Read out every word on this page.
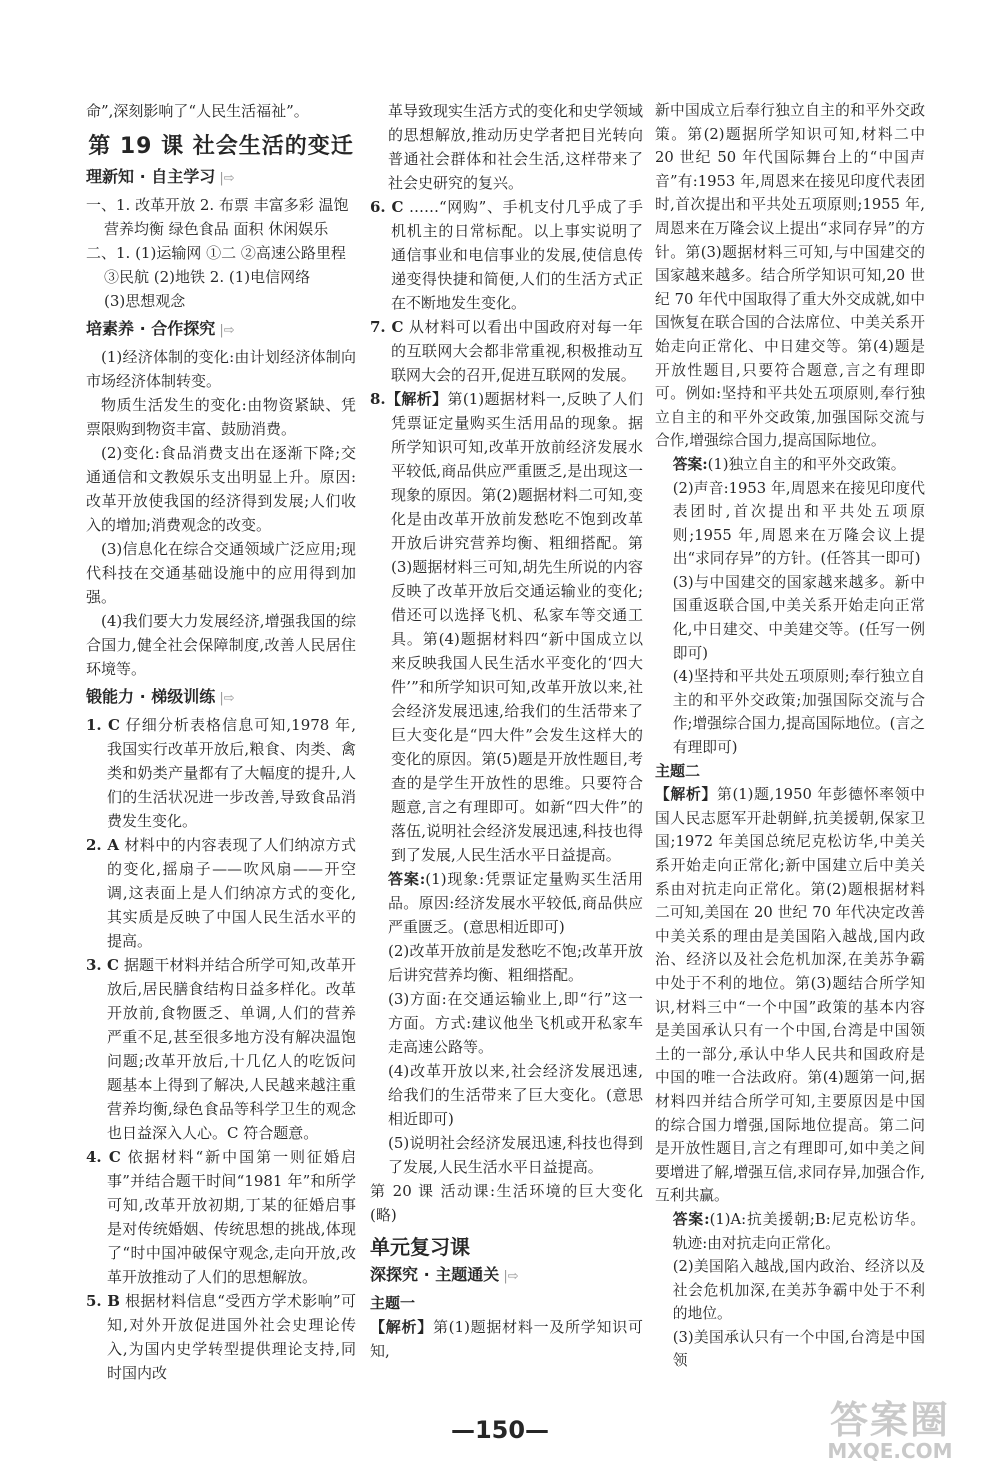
命”,深刻影响了“人民生活福祉”。

第 19 课 社会生活的变迁

理新知 · 自主学习 |⇨

一、1. 改革开放 2. 布票 丰富多彩 温饱

营养均衡 绿色食品 面积 休闲娱乐

二、1. (1)运输网 ①二 ②高速公路里程

③民航 (2)地铁 2. (1)电信网络

(3)思想观念

培素养 · 合作探究 |⇨

(1)经济体制的变化:由计划经济体制向市场经济体制转变。

物质生活发生的变化:由物资紧缺、凭票限购到物资丰富、鼓励消费。

(2)变化:食品消费支出在逐渐下降;交通通信和文教娱乐支出明显上升。原因:改革开放使我国的经济得到发展;人们收入的增加;消费观念的改变。

(3)信息化在综合交通领域广泛应用;现代科技在交通基础设施中的应用得到加强。

(4)我们要大力发展经济,增强我国的综合国力,健全社会保障制度,改善人民居住环境等。

锻能力 · 梯级训练 |⇨

1. C 仔细分析表格信息可知,1978 年,我国实行改革开放后,粮食、肉类、禽类和奶类产量都有了大幅度的提升,人们的生活状况进一步改善,导致食品消费发生变化。

2. A 材料中的内容表现了人们纳凉方式的变化,摇扇子——吹风扇——开空调,这表面上是人们纳凉方式的变化,其实质是反映了中国人民生活水平的提高。

3. C 据题干材料并结合所学可知,改革开放后,居民膳食结构日益多样化。改革开放前,食物匮乏、单调,人们的营养严重不足,甚至很多地方没有解决温饱问题;改革开放后,十几亿人的吃饭问题基本上得到了解决,人民越来越注重营养均衡,绿色食品等科学卫生的观念也日益深入人心。C 符合题意。

4. C 依据材料“新中国第一则征婚启事”并结合题干时间“1981 年”和所学可知,改革开放初期,丁某的征婚启事是对传统婚姻、传统思想的挑战,体现了“时中国冲破保守观念,走向开放,改革开放推动了人们的思想解放。

5. B 根据材料信息“受西方学术影响”可知,对外开放促进国外社会史理论传入,为国内史学转型提供理论支持,同时国内改

革导致现实生活方式的变化和史学领域的思想解放,推动历史学者把目光转向普通社会群体和社会生活,这样带来了社会史研究的复兴。

6. C ……“网购”、手机支付几乎成了手机机主的日常标配。以上事实说明了通信事业和电信事业的发展,使信息传递变得快捷和简便,人们的生活方式正在不断地发生变化。

7. C 从材料可以看出中国政府对每一年的互联网大会都非常重视,积极推动互联网大会的召开,促进互联网的发展。

8.【解析】第(1)题据材料一,反映了人们凭票证定量购买生活用品的现象。据所学知识可知,改革开放前经济发展水平较低,商品供应严重匮乏,是出现这一现象的原因。第(2)题据材料二可知,变化是由改革开放前发愁吃不饱到改革开放后讲究营养均衡、粗细搭配。第(3)题据材料三可知,胡先生所说的内容反映了改革开放后交通运输业的变化;借还可以选择飞机、私家车等交通工具。第(4)题据材料四“新中国成立以来反映我国人民生活水平变化的‘四大件’”和所学知识可知,改革开放以来,社会经济发展迅速,给我们的生活带来了巨大变化是“四大件”会发生这样大的变化的原因。第(5)题是开放性题目,考查的是学生开放性的思维。只要符合题意,言之有理即可。如新“四大件”的落伍,说明社会经济发展迅速,科技也得到了发展,人民生活水平日益提高。

答案:(1)现象:凭票证定量购买生活用品。原因:经济发展水平较低,商品供应严重匮乏。(意思相近即可)

(2)改革开放前是发愁吃不饱;改革开放后讲究营养均衡、粗细搭配。

(3)方面:在交通运输业上,即“行”这一方面。方式:建议他坐飞机或开私家车走高速公路等。

(4)改革开放以来,社会经济发展迅速,给我们的生活带来了巨大变化。(意思相近即可)

(5)说明社会经济发展迅速,科技也得到了发展,人民生活水平日益提高。

第 20 课 活动课:生活环境的巨大变化(略)

单元复习课

深探究 · 主题通关 |⇨

主题一

【解析】第(1)题据材料一及所学知识可知,

新中国成立后奉行独立自主的和平外交政策。第(2)题据所学知识可知,材料二中 20 世纪 50 年代国际舞台上的“中国声音”有:1953 年,周恩来在接见印度代表团时,首次提出和平共处五项原则;1955 年,周恩来在万隆会议上提出“求同存异”的方针。第(3)题据材料三可知,与中国建交的国家越来越多。结合所学知识可知,20 世纪 70 年代中国取得了重大外交成就,如中国恢复在联合国的合法席位、中美关系开始走向正常化、中日建交等。第(4)题是开放性题目,只要符合题意,言之有理即可。例如:坚持和平共处五项原则,奉行独立自主的和平外交政策,加强国际交流与合作,增强综合国力,提高国际地位。

答案:(1)独立自主的和平外交政策。

(2)声音:1953 年,周恩来在接见印度代表团时,首次提出和平共处五项原则;1955 年,周恩来在万隆会议上提出“求同存异”的方针。(任答其一即可)

(3)与中国建交的国家越来越多。新中国重返联合国,中美关系开始走向正常化,中日建交、中美建交等。(任写一例即可)

(4)坚持和平共处五项原则;奉行独立自主的和平外交政策;加强国际交流与合作;增强综合国力,提高国际地位。(言之有理即可)

主题二

【解析】第(1)题,1950 年彭德怀率领中国人民志愿军开赴朝鲜,抗美援朝,保家卫国;1972 年美国总统尼克松访华,中美关系开始走向正常化;新中国建立后中美关系由对抗走向正常化。第(2)题根据材料二可知,美国在 20 世纪 70 年代决定改善中美关系的理由是美国陷入越战,国内政治、经济以及社会危机加深,在美苏争霸中处于不利的地位。第(3)题结合所学知识,材料三中“一个中国”政策的基本内容是美国承认只有一个中国,台湾是中国领土的一部分,承认中华人民共和国政府是中国的唯一合法政府。第(4)题第一问,据材料四并结合所学可知,主要原因是中国的综合国力增强,国际地位提高。第二问是开放性题目,言之有理即可,如中美之间要增进了解,增强互信,求同存异,加强合作,互利共赢。

答案:(1)A:抗美援朝;B:尼克松访华。轨迹:由对抗走向正常化。

(2)美国陷入越战,国内政治、经济以及社会危机加深,在美苏争霸中处于不利的地位。

(3)美国承认只有一个中国,台湾是中国领

—150—	答案圈
MXQE.COM
